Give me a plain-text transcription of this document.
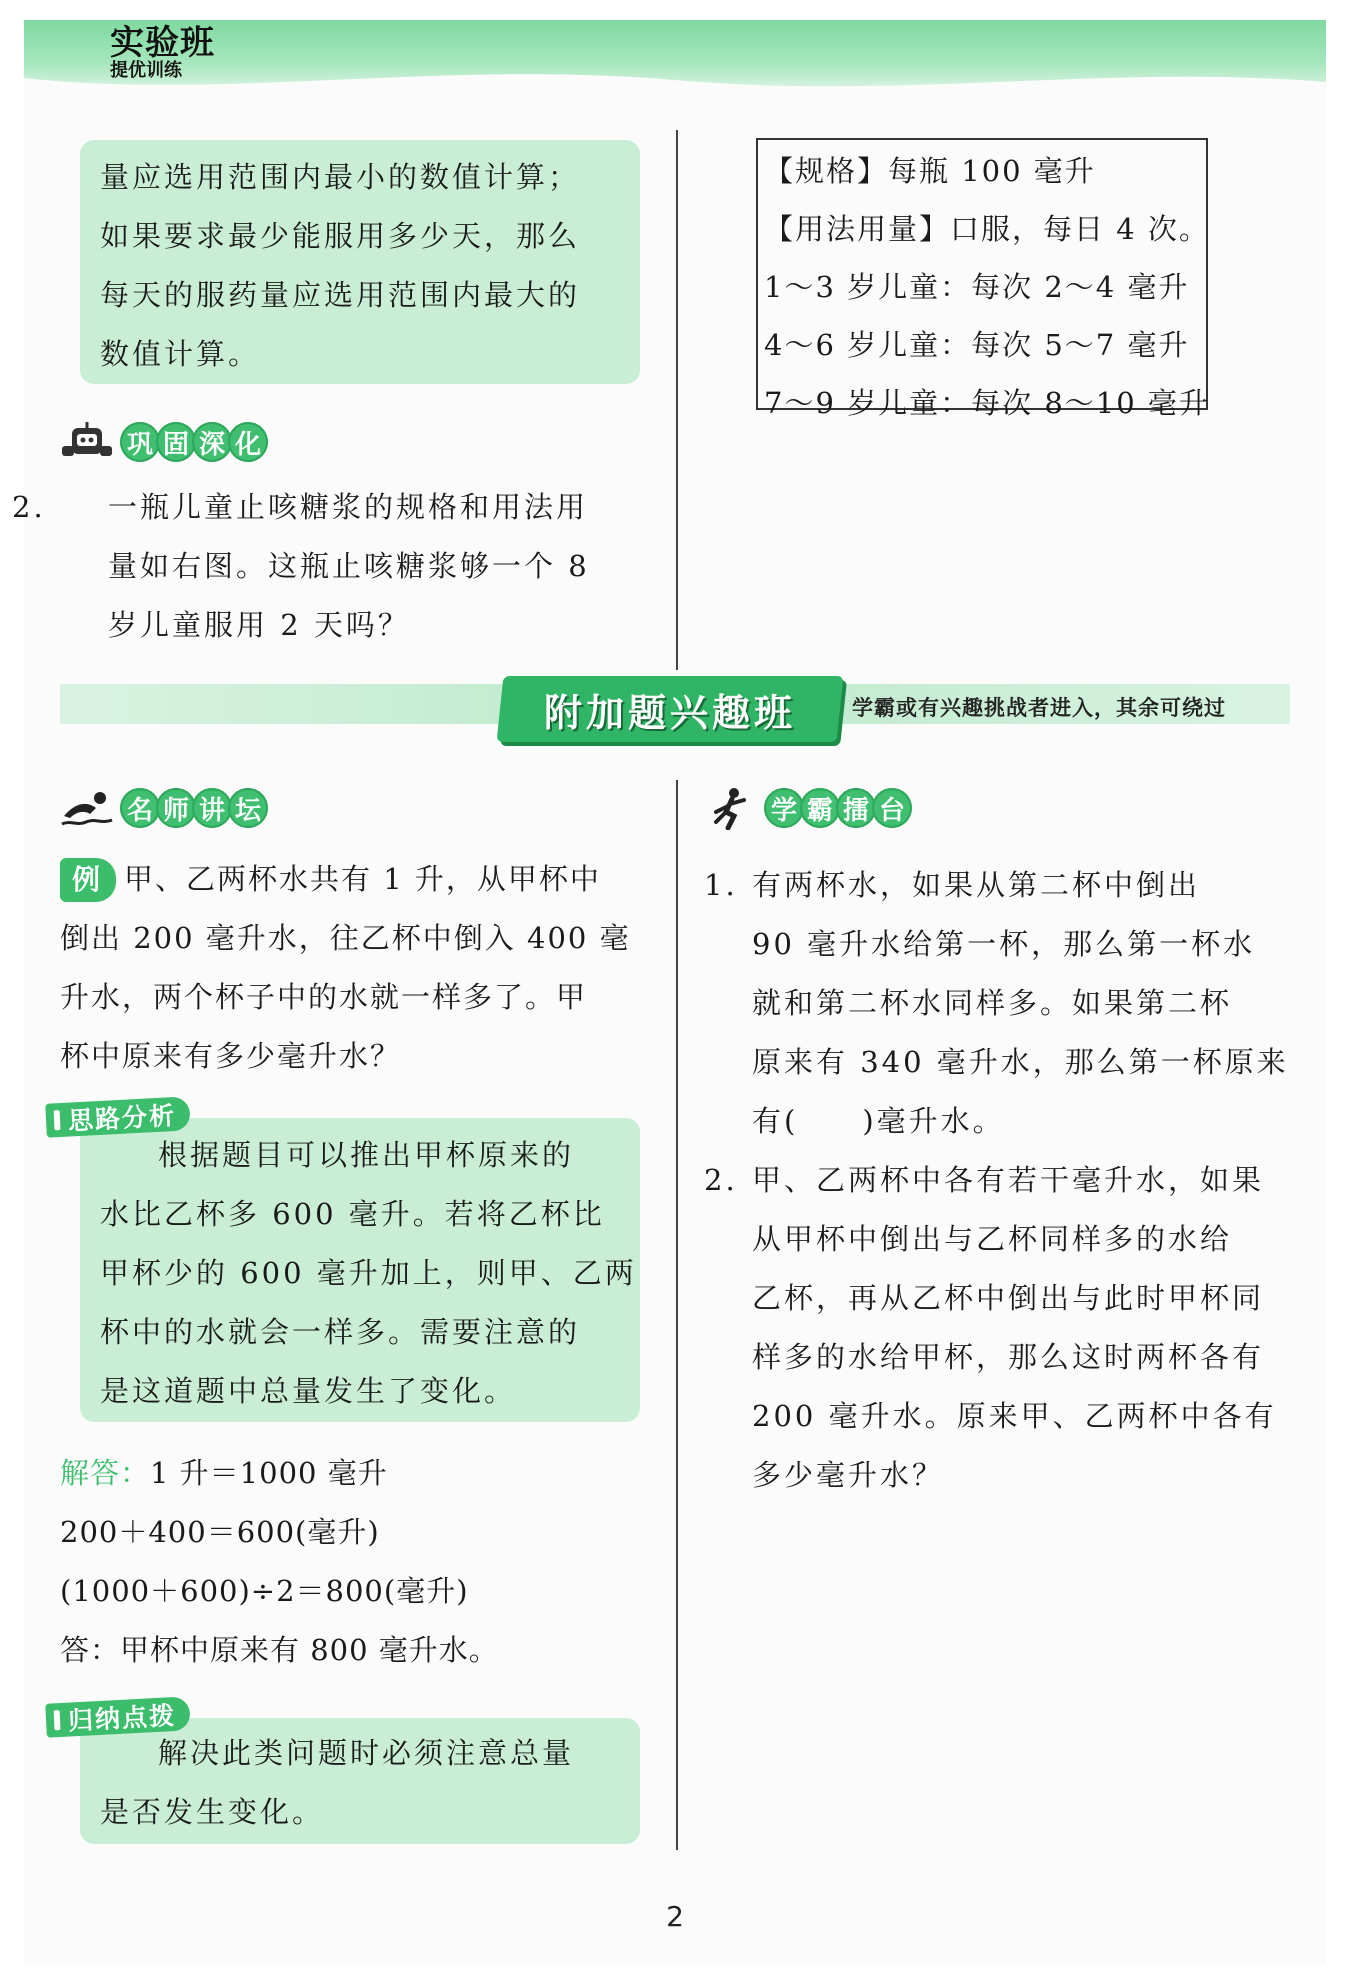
实验班
提优训练

量应选用范围内最小的数值计算；

如果要求最少能服用多少天，那么

每天的服药量应选用范围内最大的

数值计算。

巩 固 深 化

2. 一瓶儿童止咳糖浆的规格和用法用

量如右图。这瓶止咳糖浆够一个 8

岁儿童服用 2 天吗？

【规格】每瓶 100 毫升

【用法用量】口服，每日 4 次。

1～3 岁儿童：每次 2～4 毫升

4～6 岁儿童：每次 5～7 毫升

7～9 岁儿童：每次 8～10 毫升

附加题兴趣班	学霸或有兴趣挑战者进入，其余可绕过
名 师 讲 坛

例 甲、乙两杯水共有 1 升，从甲杯中

倒出 200 毫升水，往乙杯中倒入 400 毫

升水，两个杯子中的水就一样多了。甲

杯中原来有多少毫升水？

思路分析

根据题目可以推出甲杯原来的

水比乙杯多 600 毫升。若将乙杯比

甲杯少的 600 毫升加上，则甲、乙两

杯中的水就会一样多。需要注意的

是这道题中总量发生了变化。

解答：1 升＝1000 毫升

200＋400＝600(毫升)

(1000＋600)÷2＝800(毫升)

答：甲杯中原来有 800 毫升水。

归纳点拨

解决此类问题时必须注意总量

是否发生变化。

学 霸 擂 台

1. 有两杯水，如果从第二杯中倒出

90 毫升水给第一杯，那么第一杯水

就和第二杯水同样多。如果第二杯

原来有 340 毫升水，那么第一杯原来

有(　　)毫升水。

2. 甲、乙两杯中各有若干毫升水，如果

从甲杯中倒出与乙杯同样多的水给

乙杯，再从乙杯中倒出与此时甲杯同

样多的水给甲杯，那么这时两杯各有

200 毫升水。原来甲、乙两杯中各有

多少毫升水？

2
